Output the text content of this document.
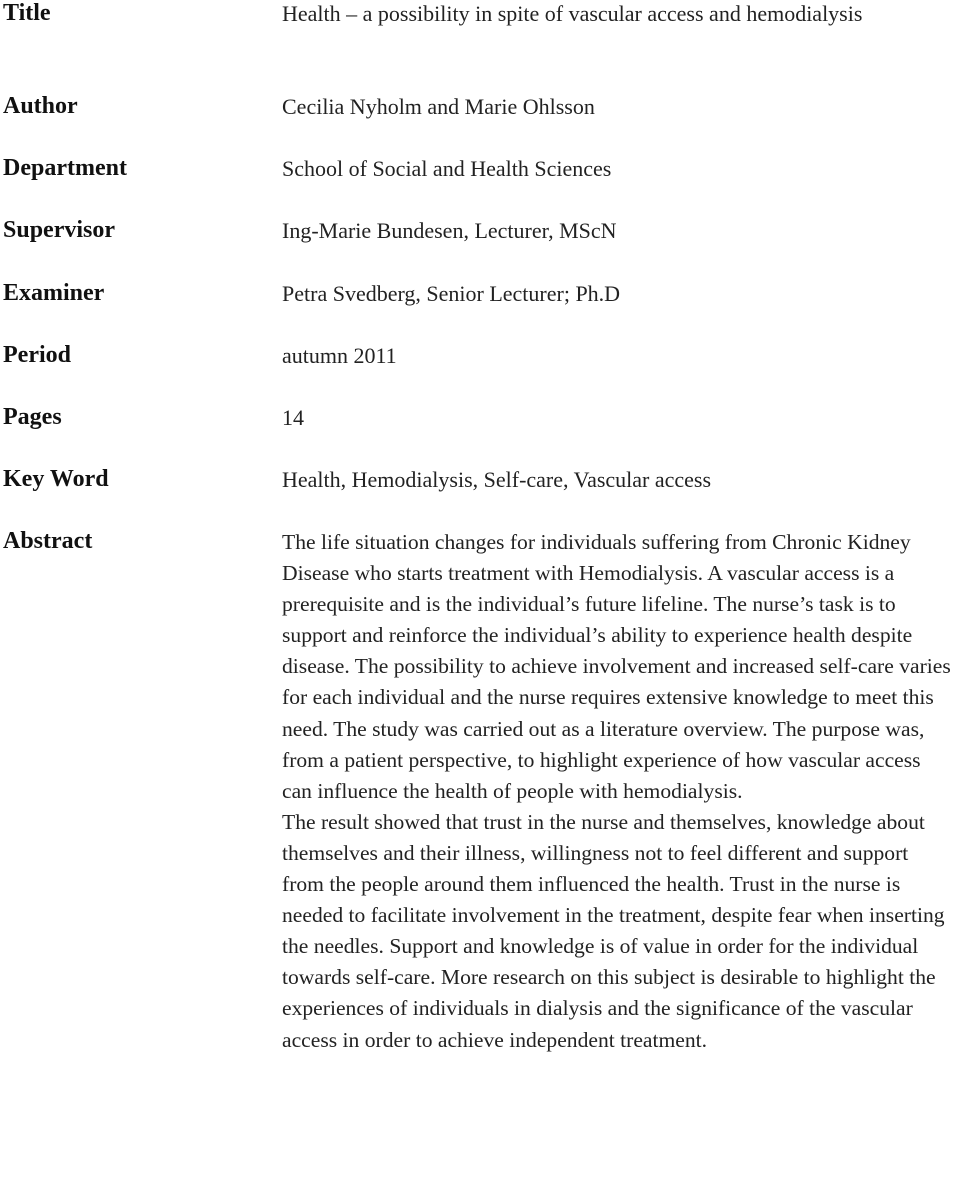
Title	Health – a possibility in spite of vascular access and hemodialysis
Author	Cecilia Nyholm and Marie Ohlsson
Department	School of Social and Health Sciences
Supervisor	Ing-Marie Bundesen, Lecturer, MScN
Examiner	Petra Svedberg, Senior Lecturer; Ph.D
Period	autumn 2011
Pages	14
Key Word	Health, Hemodialysis, Self-care, Vascular access
Abstract	The life situation changes for individuals suffering from Chronic Kidney Disease who starts treatment with Hemodialysis. A vascular access is a prerequisite and is the individual’s future lifeline. The nurse’s task is to support and reinforce the individual’s ability to experience health despite disease. The possibility to achieve involvement and increased self-care varies for each individual and the nurse requires extensive knowledge to meet this need. The study was carried out as a literature overview. The purpose was, from a patient perspective, to highlight experience of how vascular access can influence the health of people with hemodialysis.

The result showed that trust in the nurse and themselves, knowledge about themselves and their illness, willingness not to feel different and support from the people around them influenced the health. Trust in the nurse is needed to facilitate involvement in the treatment, despite fear when inserting the needles. Support and knowledge is of value in order for the individual towards self-care. More research on this subject is desirable to highlight the experiences of individuals in dialysis and the significance of the vascular access in order to achieve independent treatment.
